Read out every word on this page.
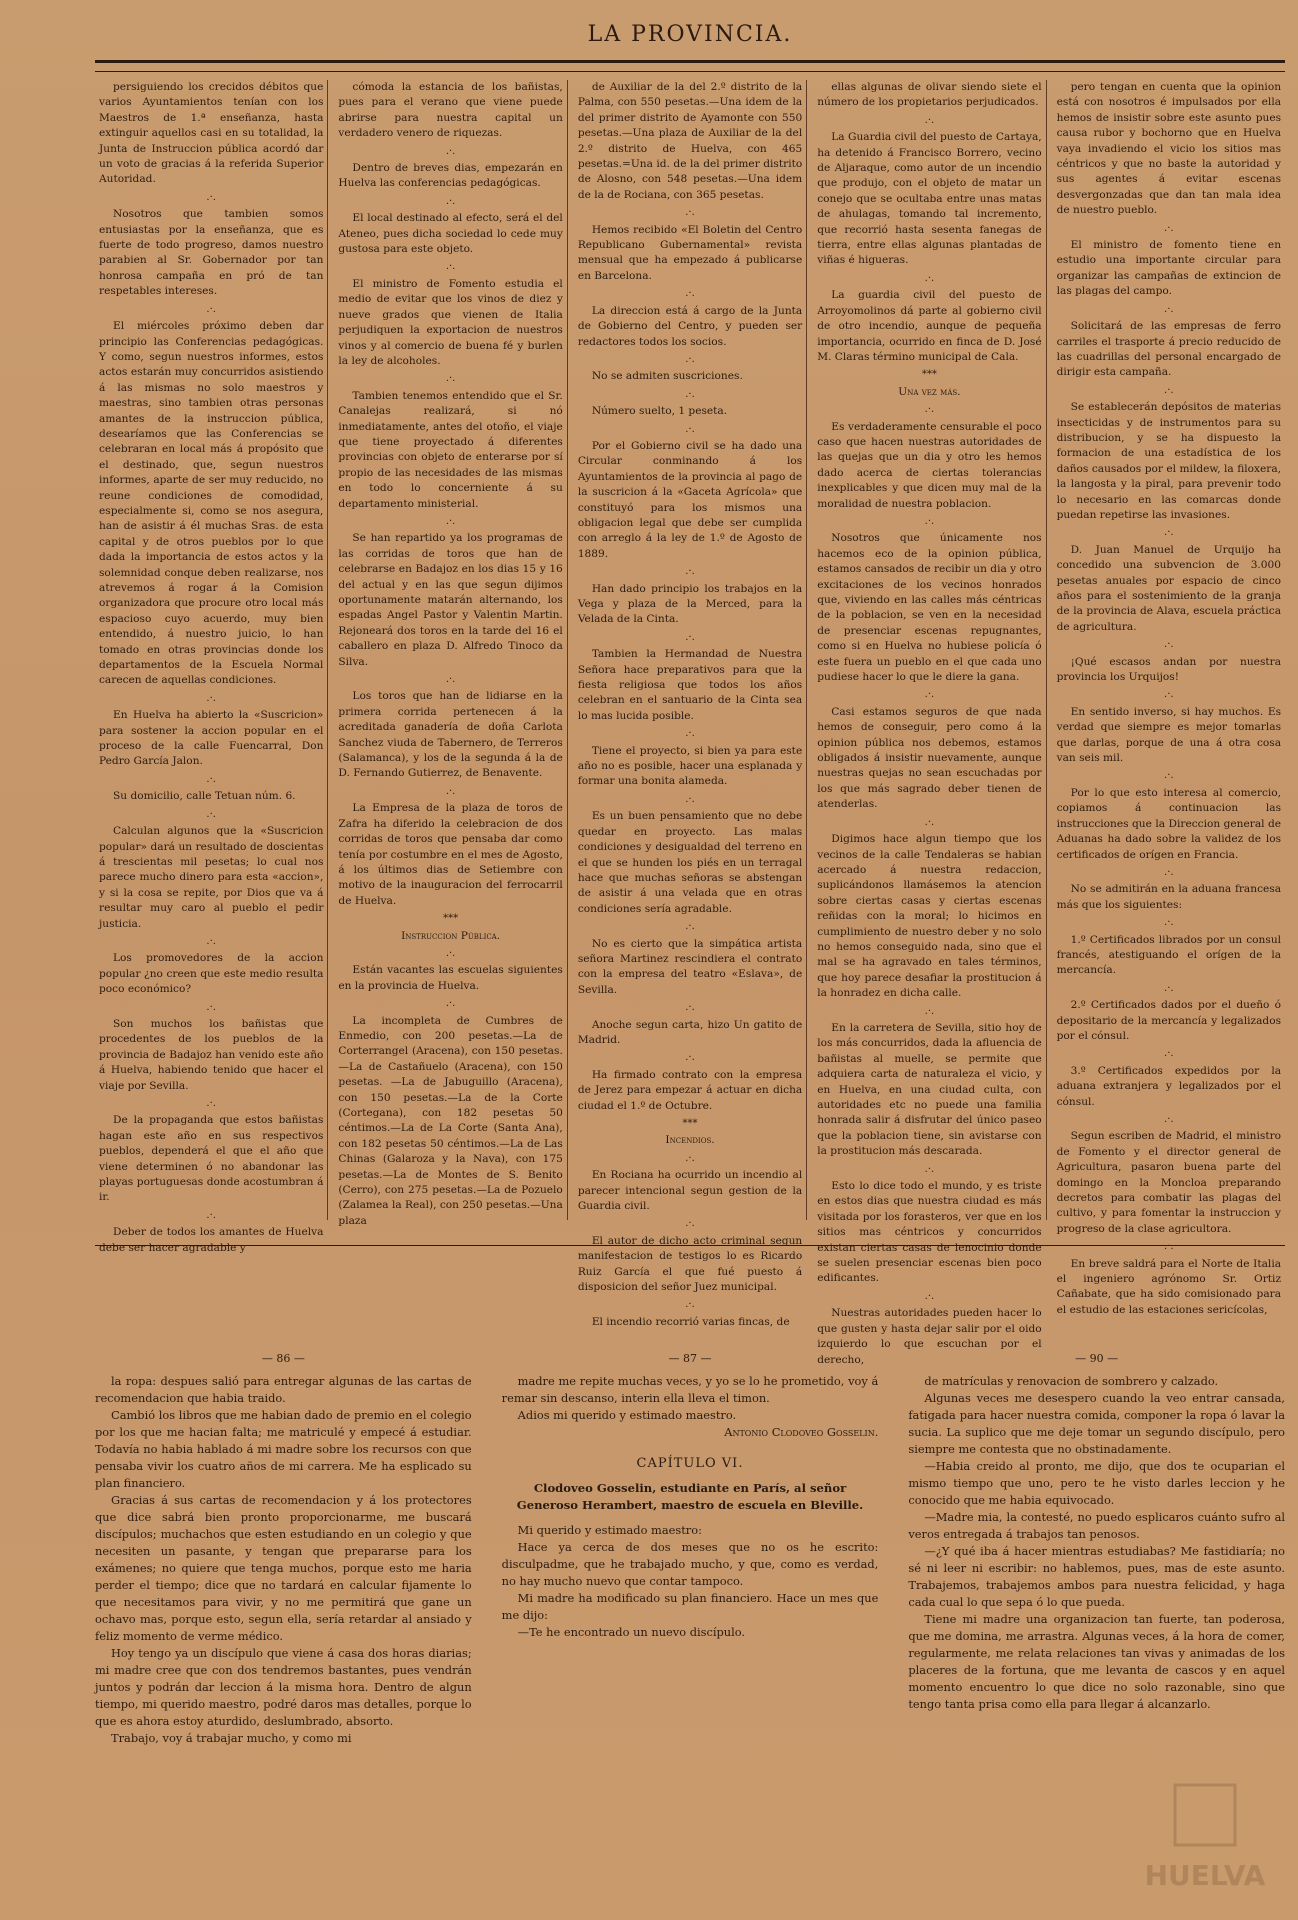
LA PROVINCIA.

persiguiendo los crecidos débitos que varios Ayuntamientos tenían con los Maestros de 1.ª enseñanza, hasta extinguir aquellos casi en su totalidad, la Junta de Instruccion pública acordó dar un voto de gracias á la referida Superior Autoridad.

.·.

Nosotros que tambien somos entusiastas por la enseñanza, que es fuerte de todo progreso, damos nuestro parabien al Sr. Gobernador por tan honrosa campaña en pró de tan respetables intereses.

.·.

El miércoles próximo deben dar principio las Conferencias pedagógicas. Y como, segun nuestros informes, estos actos estarán muy concurridos asistiendo á las mismas no solo maestros y maestras, sino tambien otras personas amantes de la instruccion pública, desearíamos que las Conferencias se celebraran en local más á propósito que el destinado, que, segun nuestros informes, aparte de ser muy reducido, no reune condiciones de comodidad, especialmente si, como se nos asegura, han de asistir á él muchas Sras. de esta capital y de otros pueblos por lo que dada la importancia de estos actos y la solemnidad conque deben realizarse, nos atrevemos á rogar á la Comision organizadora que procure otro local más espacioso cuyo acuerdo, muy bien entendido, á nuestro juicio, lo han tomado en otras provincias donde los departamentos de la Escuela Normal carecen de aquellas condiciones.

.·.

En Huelva ha abierto la «Suscricion» para sostener la accion popular en el proceso de la calle Fuencarral, Don Pedro García Jalon.

.·.

Su domicilio, calle Tetuan núm. 6.

.·.

Calculan algunos que la «Suscricion popular» dará un resultado de doscientas á trescientas mil pesetas; lo cual nos parece mucho dinero para esta «accion», y si la cosa se repite, por Dios que va á resultar muy caro al pueblo el pedir justicia.

.·.

Los promovedores de la accion popular ¿no creen que este medio resulta poco económico?

.·.

Son muchos los bañistas que procedentes de los pueblos de la provincia de Badajoz han venido este año á Huelva, habiendo tenido que hacer el viaje por Sevilla.

.·.

De la propaganda que estos bañistas hagan este año en sus respectivos pueblos, dependerá el que el año que viene determinen ó no abandonar las playas portuguesas donde acostumbran á ir.

.·.

Deber de todos los amantes de Huelva debe ser hacer agradable y

cómoda la estancia de los bañistas, pues para el verano que viene puede abrirse para nuestra capital un verdadero venero de riquezas.

.·.

Dentro de breves dias, empezarán en Huelva las conferencias pedagógicas.

.·.

El local destinado al efecto, será el del Ateneo, pues dicha sociedad lo cede muy gustosa para este objeto.

.·.

El ministro de Fomento estudia el medio de evitar que los vinos de diez y nueve grados que vienen de Italia perjudiquen la exportacion de nuestros vinos y al comercio de buena fé y burlen la ley de alcoholes.

.·.

Tambien tenemos entendido que el Sr. Canalejas realizará, si nó inmediatamente, antes del otoño, el viaje que tiene proyectado á diferentes provincias con objeto de enterarse por sí propio de las necesidades de las mismas en todo lo concerniente á su departamento ministerial.

.·.

Se han repartido ya los programas de las corridas de toros que han de celebrarse en Badajoz en los dias 15 y 16 del actual y en las que segun dijimos oportunamente matarán alternando, los espadas Angel Pastor y Valentin Martin. Rejoneará dos toros en la tarde del 16 el caballero en plaza D. Alfredo Tinoco da Silva.

.·.

Los toros que han de lidiarse en la primera corrida pertenecen á la acreditada ganadería de doña Carlota Sanchez viuda de Tabernero, de Terreros (Salamanca), y los de la segunda á la de D. Fernando Gutierrez, de Benavente.

.·.

La Empresa de la plaza de toros de Zafra ha diferido la celebracion de dos corridas de toros que pensaba dar como tenía por costumbre en el mes de Agosto, á los últimos dias de Setiembre con motivo de la inauguracion del ferrocarril de Huelva.

***

Instruccion Pública.

.·.

Están vacantes las escuelas siguientes en la provincia de Huelva.

.·.

La incompleta de Cumbres de Enmedio, con 200 pesetas.—La de Corterrangel (Aracena), con 150 pesetas.—La de Castañuelo (Aracena), con 150 pesetas. —La de Jabuguillo (Aracena), con 150 pesetas.—La de la Corte (Cortegana), con 182 pesetas 50 céntimos.—La de La Corte (Santa Ana), con 182 pesetas 50 céntimos.—La de Las Chinas (Galaroza y la Nava), con 175 pesetas.—La de Montes de S. Benito (Cerro), con 275 pesetas.—La de Pozuelo (Zalamea la Real), con 250 pesetas.—Una plaza

de Auxiliar de la del 2.º distrito de la Palma, con 550 pesetas.—Una idem de la del primer distrito de Ayamonte con 550 pesetas.—Una plaza de Auxiliar de la del 2.º distrito de Huelva, con 465 pesetas.=Una id. de la del primer distrito de Alosno, con 548 pesetas.—Una idem de la de Rociana, con 365 pesetas.

.·.

Hemos recibido «El Boletin del Centro Republicano Gubernamental» revista mensual que ha empezado á publicarse en Barcelona.

.·.

La direccion está á cargo de la Junta de Gobierno del Centro, y pueden ser redactores todos los socios.

.·.

No se admiten suscriciones.

.·.

Número suelto, 1 peseta.

.·.

Por el Gobierno civil se ha dado una Circular conminando á los Ayuntamientos de la provincia al pago de la suscricion á la «Gaceta Agrícola» que constituyó para los mismos una obligacion legal que debe ser cumplida con arreglo á la ley de 1.º de Agosto de 1889.

.·.

Han dado principio los trabajos en la Vega y plaza de la Merced, para la Velada de la Cinta.

.·.

Tambien la Hermandad de Nuestra Señora hace preparativos para que la fiesta religiosa que todos los años celebran en el santuario de la Cinta sea lo mas lucida posible.

.·.

Tiene el proyecto, si bien ya para este año no es posible, hacer una esplanada y formar una bonita alameda.

.·.

Es un buen pensamiento que no debe quedar en proyecto. Las malas condiciones y desigualdad del terreno en el que se hunden los piés en un terragal hace que muchas señoras se abstengan de asistir á una velada que en otras condiciones sería agradable.

.·.

No es cierto que la simpática artista señora Martinez rescindiera el contrato con la empresa del teatro «Eslava», de Sevilla.

.·.

Anoche segun carta, hizo Un gatito de Madrid.

.·.

Ha firmado contrato con la empresa de Jerez para empezar á actuar en dicha ciudad el 1.º de Octubre.

***

Incendios.

.·.

En Rociana ha ocurrido un incendio al parecer intencional segun gestion de la Guardia civil.

.·.

El autor de dicho acto criminal segun manifestacion de testigos lo es Ricardo Ruiz García el que fué puesto á disposicion del señor Juez municipal.

.·.

El incendio recorrió varias fincas, de

ellas algunas de olivar siendo siete el número de los propietarios perjudicados.

.·.

La Guardia civil del puesto de Cartaya, ha detenido á Francisco Borrero, vecino de Aljaraque, como autor de un incendio que produjo, con el objeto de matar un conejo que se ocultaba entre unas matas de ahulagas, tomando tal incremento, que recorrió hasta sesenta fanegas de tierra, entre ellas algunas plantadas de viñas é higueras.

.·.

La guardia civil del puesto de Arroyomolinos dá parte al gobierno civil de otro incendio, aunque de pequeña importancia, ocurrido en finca de D. José M. Claras término municipal de Cala.

***

Una vez más.

.·.

Es verdaderamente censurable el poco caso que hacen nuestras autoridades de las quejas que un dia y otro les hemos dado acerca de ciertas tolerancias inexplicables y que dicen muy mal de la moralidad de nuestra poblacion.

.·.

Nosotros que únicamente nos hacemos eco de la opinion pública, estamos cansados de recibir un dia y otro excitaciones de los vecinos honrados que, viviendo en las calles más céntricas de la poblacion, se ven en la necesidad de presenciar escenas repugnantes, como si en Huelva no hubiese policía ó este fuera un pueblo en el que cada uno pudiese hacer lo que le diere la gana.

.·.

Casi estamos seguros de que nada hemos de conseguir, pero como á la opinion pública nos debemos, estamos obligados á insistir nuevamente, aunque nuestras quejas no sean escuchadas por los que más sagrado deber tienen de atenderlas.

.·.

Digimos hace algun tiempo que los vecinos de la calle Tendaleras se habian acercado á nuestra redaccion, suplicándonos llamásemos la atencion sobre ciertas casas y ciertas escenas reñidas con la moral; lo hicimos en cumplimiento de nuestro deber y no solo no hemos conseguido nada, sino que el mal se ha agravado en tales términos, que hoy parece desafiar la prostitucion á la honradez en dicha calle.

.·.

En la carretera de Sevilla, sitio hoy de los más concurridos, dada la afluencia de bañistas al muelle, se permite que adquiera carta de naturaleza el vicio, y en Huelva, en una ciudad culta, con autoridades etc no puede una familia honrada salir á disfrutar del único paseo que la poblacion tiene, sin avistarse con la prostitucion más descarada.

.·.

Esto lo dice todo el mundo, y es triste en estos dias que nuestra ciudad es más visitada por los forasteros, ver que en los sitios mas céntricos y concurridos existan ciertas casas de lenocinio donde se suelen presenciar escenas bien poco edificantes.

.·.

Nuestras autoridades pueden hacer lo que gusten y hasta dejar salir por el oido izquierdo lo que escuchan por el derecho,

pero tengan en cuenta que la opinion está con nosotros é impulsados por ella hemos de insistir sobre este asunto pues causa rubor y bochorno que en Huelva vaya invadiendo el vicio los sitios mas céntricos y que no baste la autoridad y sus agentes á evitar escenas desvergonzadas que dan tan mala idea de nuestro pueblo.

.·.

El ministro de fomento tiene en estudio una importante circular para organizar las campañas de extincion de las plagas del campo.

.·.

Solicitará de las empresas de ferro carriles el trasporte á precio reducido de las cuadrillas del personal encargado de dirigir esta campaña.

.·.

Se establecerán depósitos de materias insecticidas y de instrumentos para su distribucion, y se ha dispuesto la formacion de una estadística de los daños causados por el mildew, la filoxera, la langosta y la piral, para prevenir todo lo necesario en las comarcas donde puedan repetirse las invasiones.

.·.

D. Juan Manuel de Urquijo ha concedido una subvencion de 3.000 pesetas anuales por espacio de cinco años para el sostenimiento de la granja de la provincia de Alava, escuela práctica de agricultura.

.·.

¡Qué escasos andan por nuestra provincia los Urquijos!

.·.

En sentido inverso, si hay muchos. Es verdad que siempre es mejor tomarlas que darlas, porque de una á otra cosa van seis mil.

.·.

Por lo que esto interesa al comercio, copiamos á continuacion las instrucciones que la Direccion general de Aduanas ha dado sobre la validez de los certificados de orígen en Francia.

.·.

No se admitirán en la aduana francesa más que los siguientes:

.·.

1.º Certificados librados por un consul francés, atestiguando el orígen de la mercancía.

.·.

2.º Certificados dados por el dueño ó depositario de la mercancía y legalizados por el cónsul.

.·.

3.º Certificados expedidos por la aduana extranjera y legalizados por el cónsul.

.·.

Segun escriben de Madrid, el ministro de Fomento y el director general de Agricultura, pasaron buena parte del domingo en la Moncloa preparando decretos para combatir las plagas del cultivo, y para fomentar la instruccion y progreso de la clase agricultora.

.·.

En breve saldrá para el Norte de Italia el ingeniero agrónomo Sr. Ortiz Cañabate, que ha sido comisionado para el estudio de las estaciones sericícolas,

— 86 —

la ropa: despues salió para entregar algunas de las cartas de recomendacion que habia traido.

Cambió los libros que me habian dado de premio en el colegio por los que me hacian falta; me matriculé y empecé á estudiar. Todavía no habia hablado á mi madre sobre los recursos con que pensaba vivir los cuatro años de mi carrera. Me ha esplicado su plan financiero.

Gracias á sus cartas de recomendacion y á los protectores que dice sabrá bien pronto proporcionarme, me buscará discípulos; muchachos que esten estudiando en un colegio y que necesiten un pasante, y tengan que prepararse para los exámenes; no quiere que tenga muchos, porque esto me haria perder el tiempo; dice que no tardará en calcular fijamente lo que necesitamos para vivir, y no me permitirá que gane un ochavo mas, porque esto, segun ella, sería retardar al ansiado y feliz momento de verme médico.

Hoy tengo ya un discípulo que viene á casa dos horas diarias; mi madre cree que con dos tendremos bastantes, pues vendrán juntos y podrán dar leccion á la misma hora. Dentro de algun tiempo, mi querido maestro, podré daros mas detalles, porque lo que es ahora estoy aturdido, deslumbrado, absorto.

Trabajo, voy á trabajar mucho, y como mi

— 87 —

madre me repite muchas veces, y yo se lo he prometido, voy á remar sin descanso, interin ella lleva el timon.

Adios mi querido y estimado maestro.

Antonio Clodoveo Gosselin.

CAPÍTULO VI.
Clodoveo Gosselin, estudiante en París, al señor Generoso Herambert, maestro de escuela en Bleville.

Mi querido y estimado maestro:

Hace ya cerca de dos meses que no os he escrito: disculpadme, que he trabajado mucho, y que, como es verdad, no hay mucho nuevo que contar tampoco.

Mi madre ha modificado su plan financiero. Hace un mes que me dijo:

—Te he encontrado un nuevo discípulo.

— 90 —

de matrículas y renovacion de sombrero y calzado.

Algunas veces me desespero cuando la veo entrar cansada, fatigada para hacer nuestra comida, componer la ropa ó lavar la sucia. La suplico que me deje tomar un segundo discípulo, pero siempre me contesta que no obstinadamente.

—Habia creido al pronto, me dijo, que dos te ocuparian el mismo tiempo que uno, pero te he visto darles leccion y he conocido que me habia equivocado.

—Madre mia, la contesté, no puedo esplicaros cuánto sufro al veros entregada á trabajos tan penosos.

—¿Y qué iba á hacer mientras estudiabas? Me fastidiaría; no sé ni leer ni escribir: no hablemos, pues, mas de este asunto. Trabajemos, trabajemos ambos para nuestra felicidad, y haga cada cual lo que sepa ó lo que pueda.

Tiene mi madre una organizacion tan fuerte, tan poderosa, que me domina, me arrastra. Algunas veces, á la hora de comer, regularmente, me relata relaciones tan vivas y animadas de los placeres de la fortuna, que me levanta de cascos y en aquel momento encuentro lo que dice no solo razonable, sino que tengo tanta prisa como ella para llegar á alcanzarlo.

HUELVA
